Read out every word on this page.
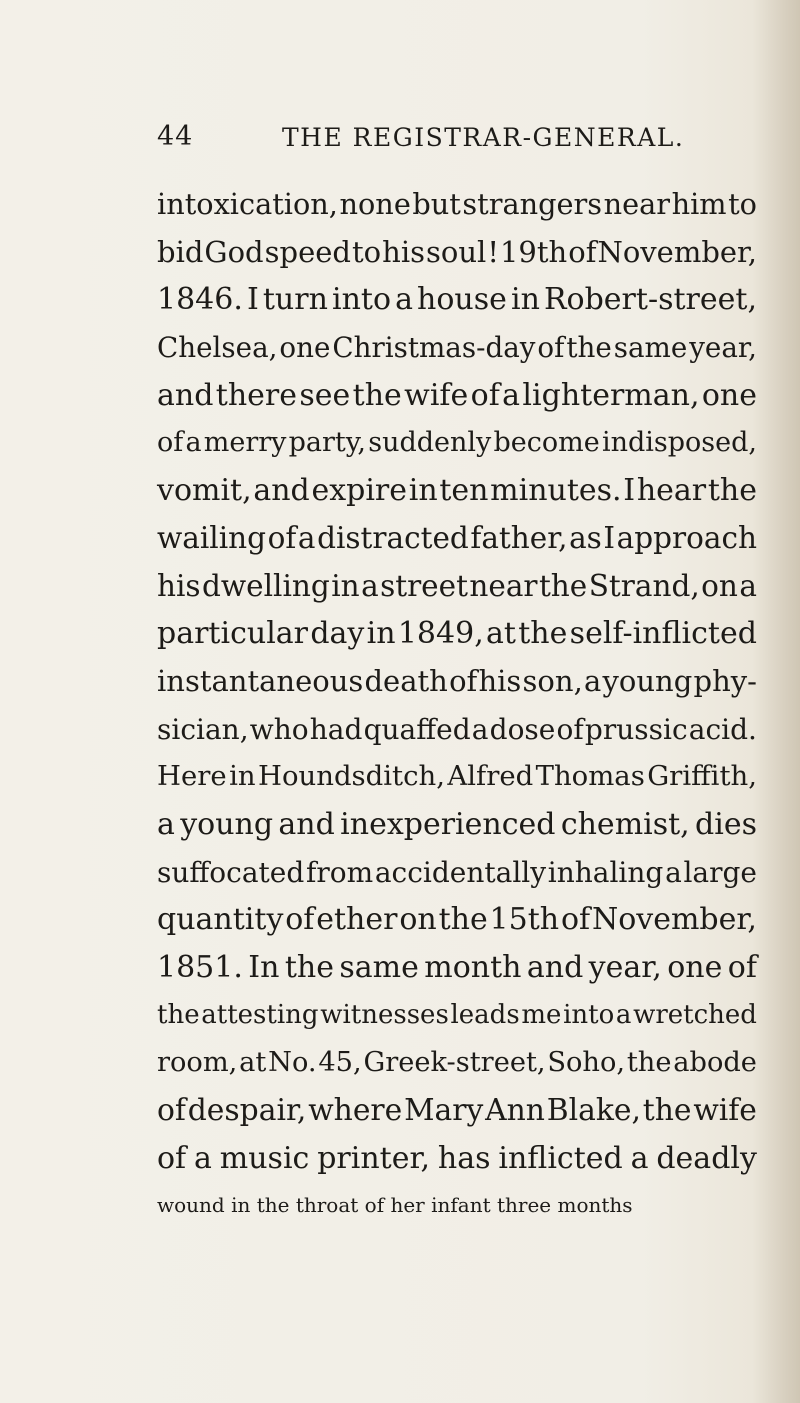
44	THE REGISTRAR-GENERAL.
intoxication, none but strangers near him to
bid God speed to his soul ! 19th of November,
1846. I turn into a house in Robert-street,
Chelsea, one Christmas-day of the same year,
and there see the wife of a lighterman, one
of a merry party, suddenly become indisposed,
vomit, and expire in ten minutes. I hear the
wailing of a distracted father, as I approach
his dwelling in a street near the Strand, on a
particular day in 1849, at the self-inflicted
instantaneous death of his son, a young phy-
sician, who had quaffed a dose of prussic acid.
Here in Houndsditch, Alfred Thomas Griffith,
a young and inexperienced chemist, dies
suffocated from accidentally inhaling a large
quantity of ether on the 15th of November,
1851. In the same month and year, one of
the attesting witnesses leads me into a wretched
room, at No. 45, Greek-street, Soho, the abode
of despair, where Mary Ann Blake, the wife
of a music printer, has inflicted a deadly
wound in the throat of her infant three months
